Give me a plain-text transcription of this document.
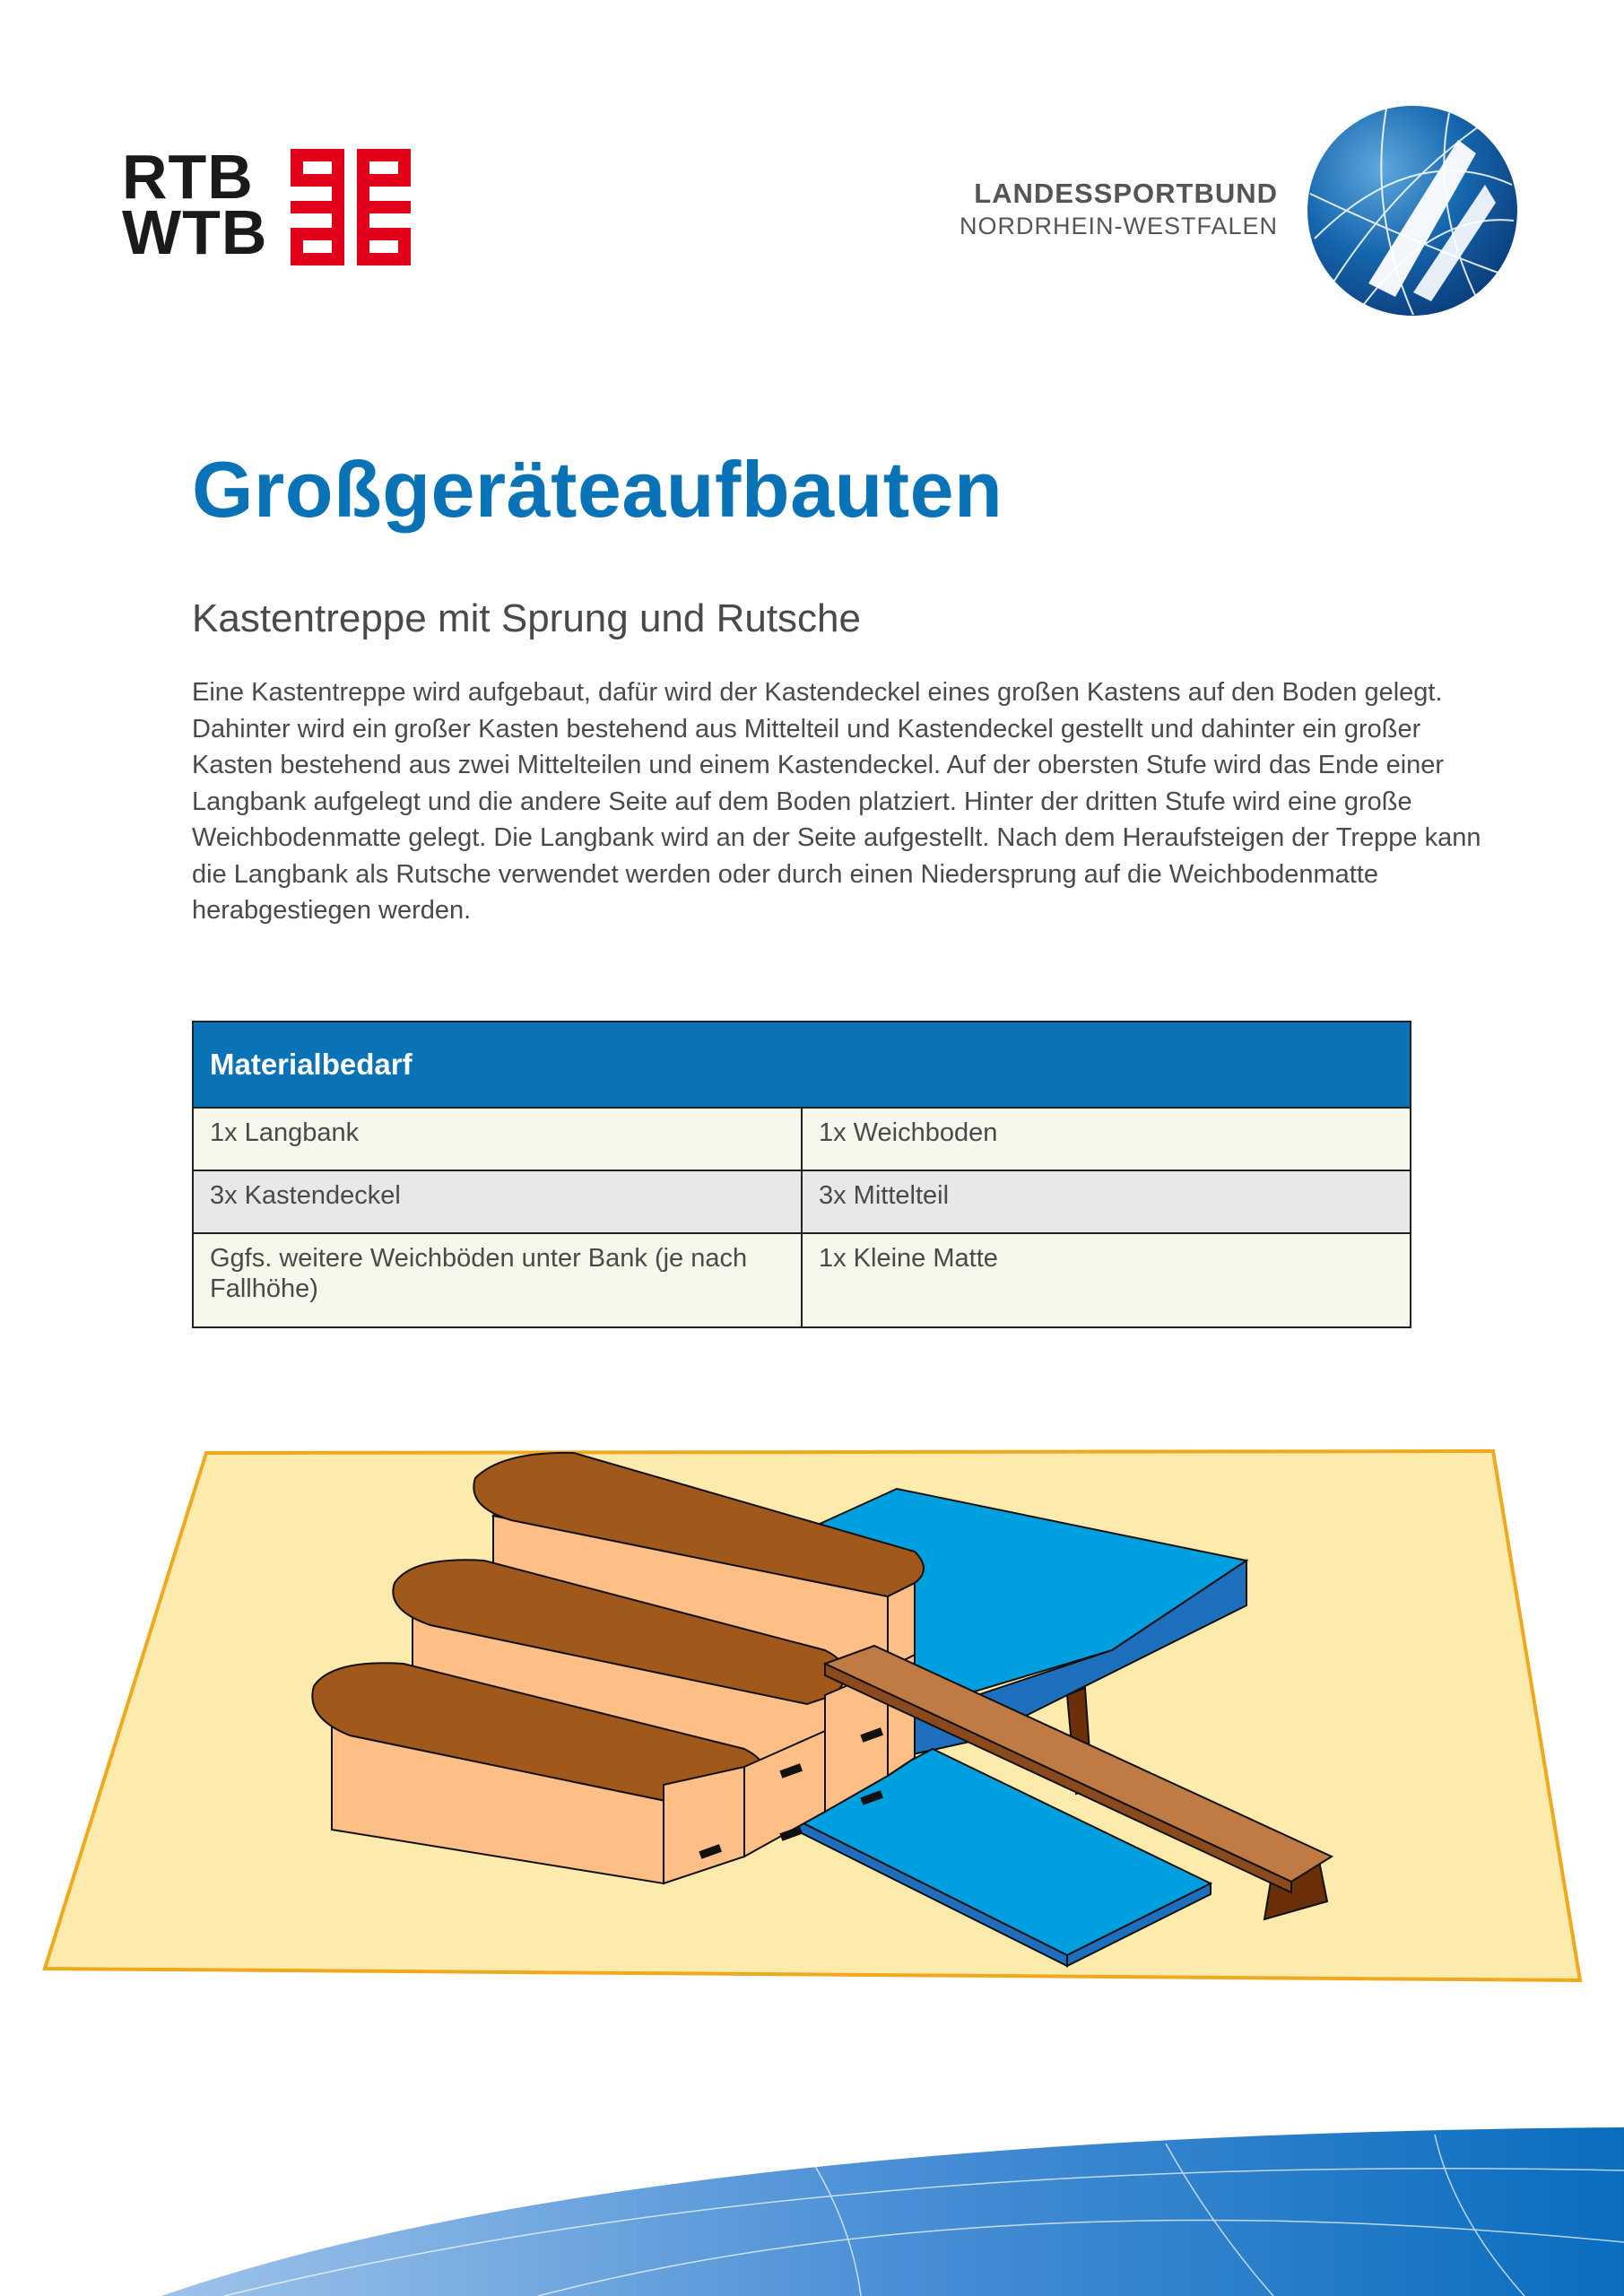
RTB
WTB
LANDESSPORTBUND
NORDRHEIN-WESTFALEN
Großgeräteaufbauten
Kastentreppe mit Sprung und Rutsche

Eine Kastentreppe wird aufgebaut, dafür wird der Kastendeckel eines großen Kastens auf den Boden gelegt. Dahinter wird ein großer Kasten bestehend aus Mittelteil und Kastendeckel gestellt und dahinter ein großer Kasten bestehend aus zwei Mittelteilen und einem Kastendeckel. Auf der obersten Stufe wird das Ende einer Langbank aufgelegt und die andere Seite auf dem Boden platziert. Hinter der dritten Stufe wird eine große Weichbodenmatte gelegt. Die Langbank wird an der Seite aufgestellt. Nach dem Heraufsteigen der Treppe kann die Langbank als Rutsche verwendet werden oder durch einen Niedersprung auf die Weichbodenmatte herabgestiegen werden.

Materialbedarf	
1x Langbank	1x Weichboden
3x Kastendeckel	3x Mittelteil
Ggfs. weitere Weichböden unter Bank (je nach Fallhöhe)	1x Kleine Matte
